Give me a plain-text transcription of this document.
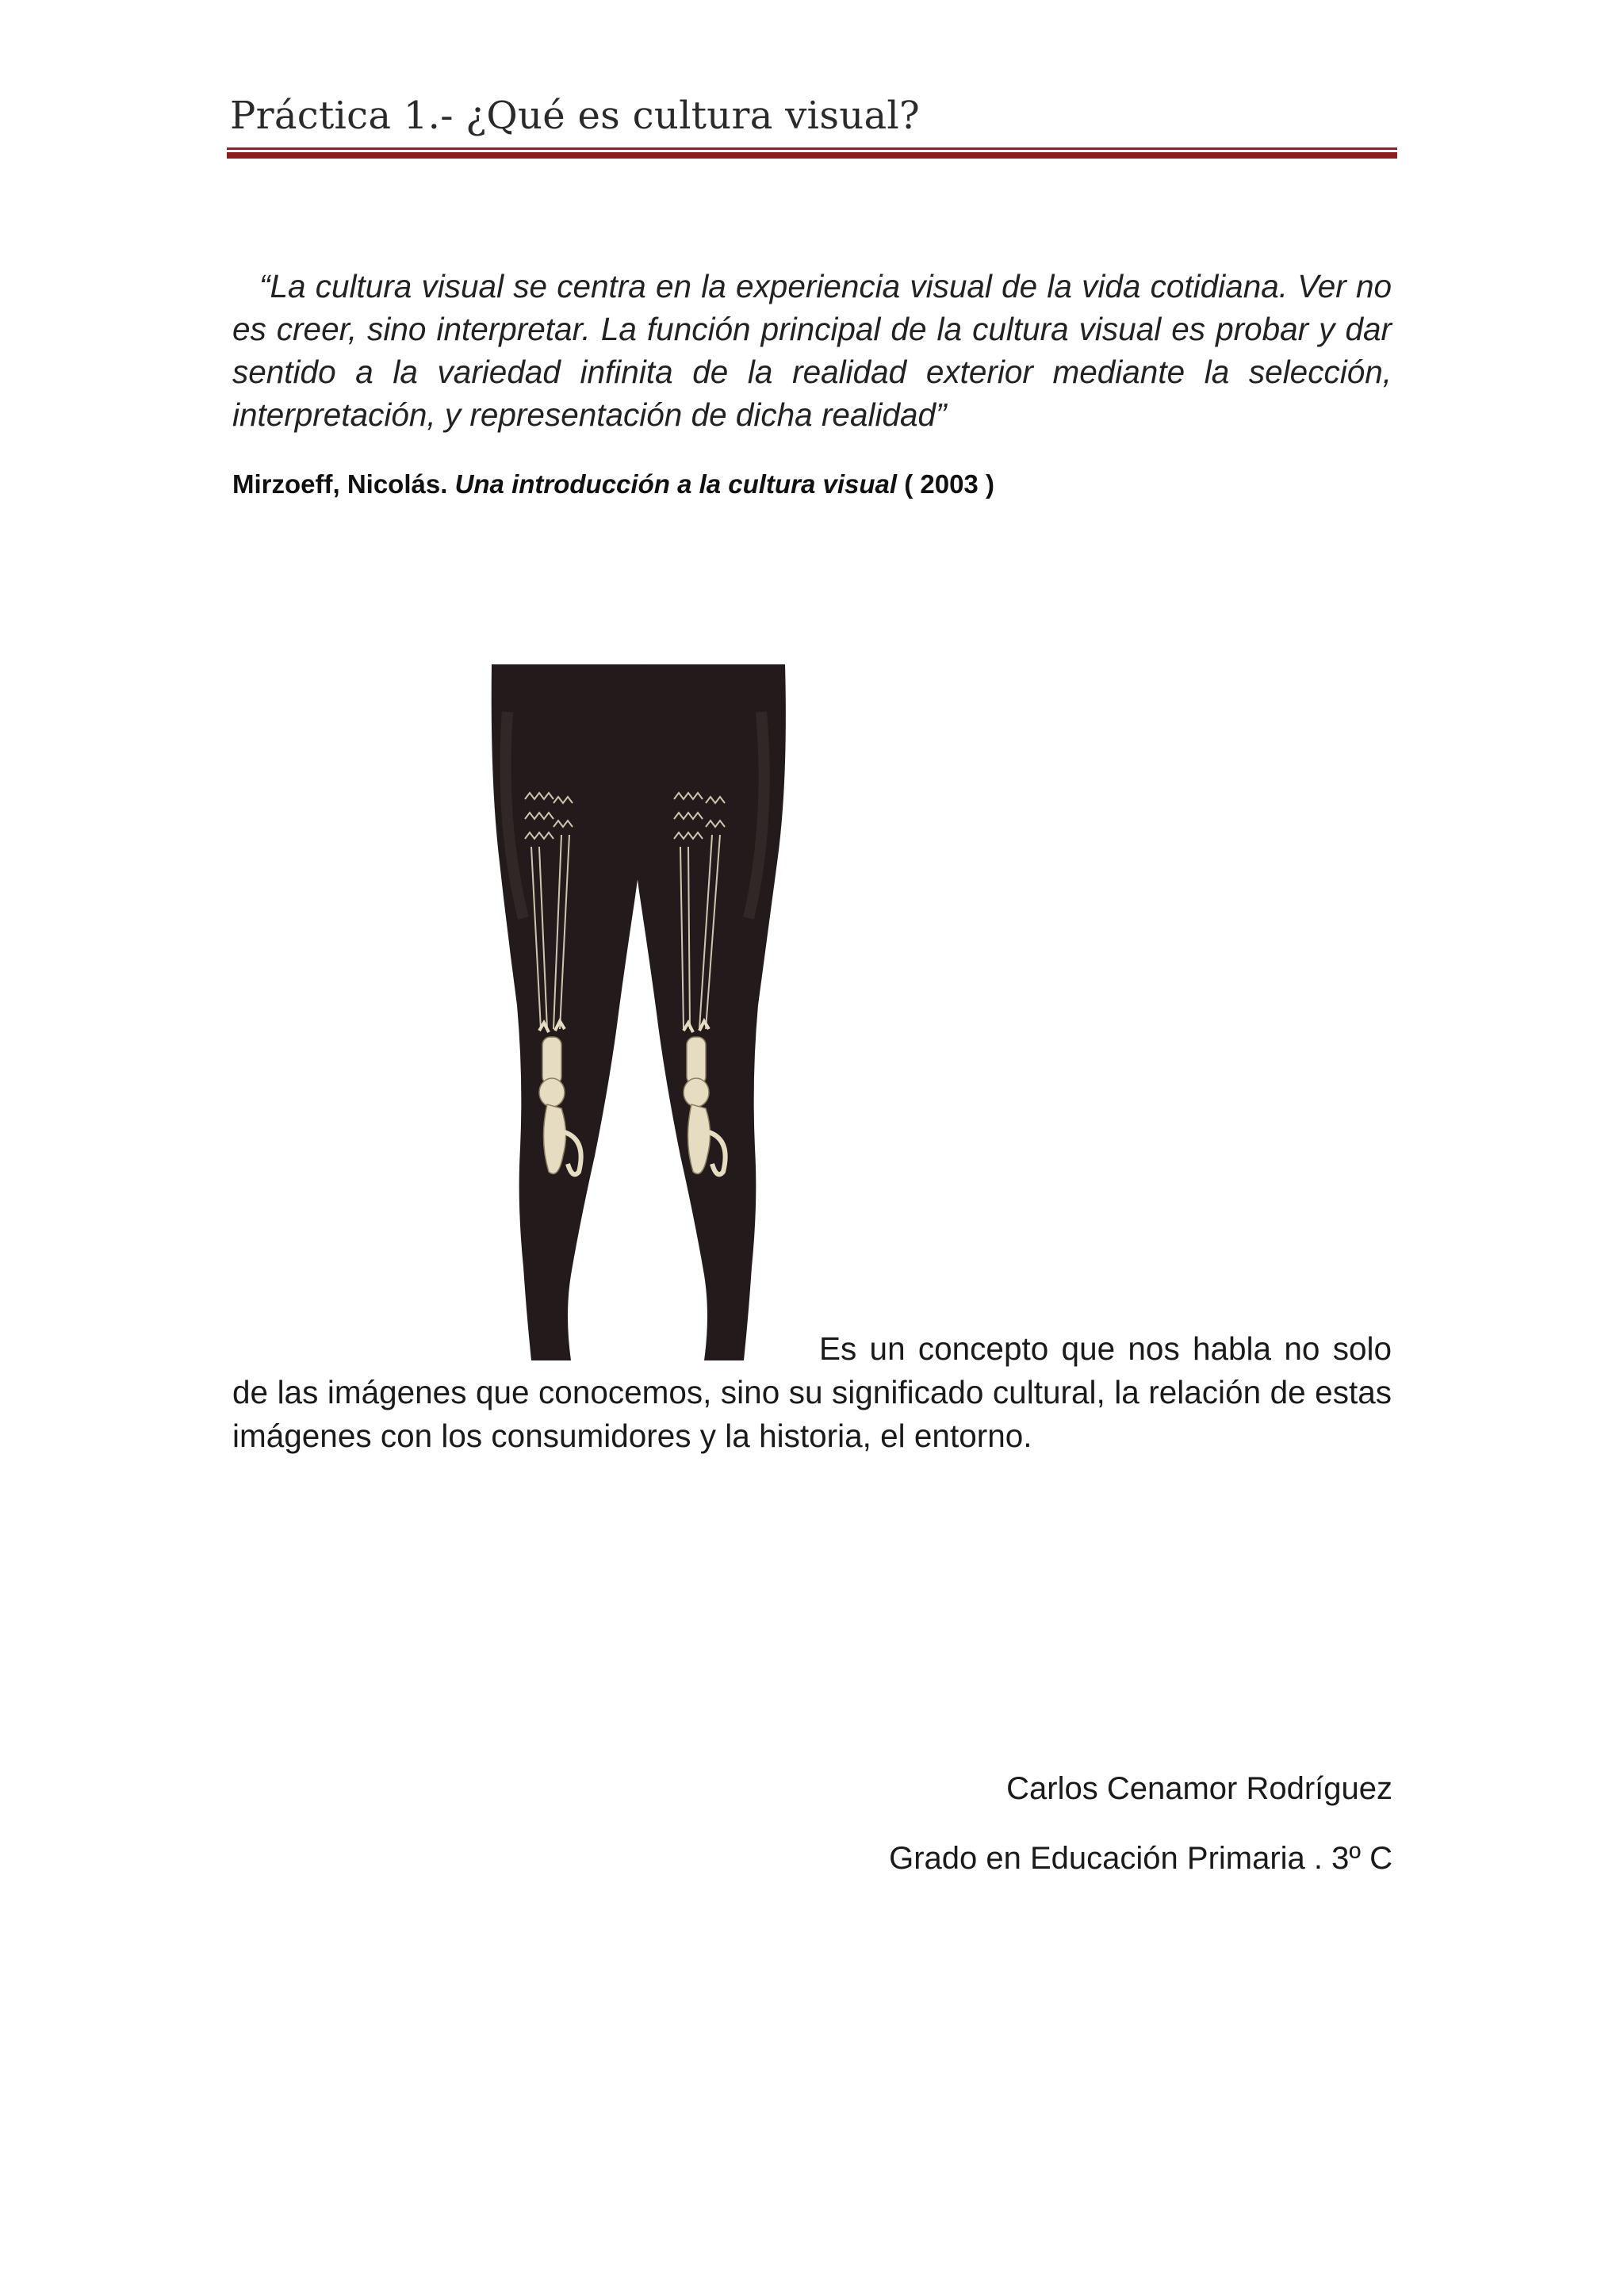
Práctica 1.- ¿Qué es cultura visual?
“La cultura visual se centra en la experiencia visual de la vida cotidiana. Ver no es creer, sino interpretar. La función principal de la cultura visual es probar y dar sentido a la variedad infinita de la realidad exterior mediante la selección, interpretación, y representación de dicha realidad”
Mirzoeff, Nicolás. Una introducción a la cultura visual ( 2003 )
Es un concepto que nos habla no solo de las imágenes que conocemos, sino su significado cultural, la relación de estas imágenes con los consumidores y la historia, el entorno.
Carlos Cenamor Rodríguez
Grado en Educación Primaria . 3º C
